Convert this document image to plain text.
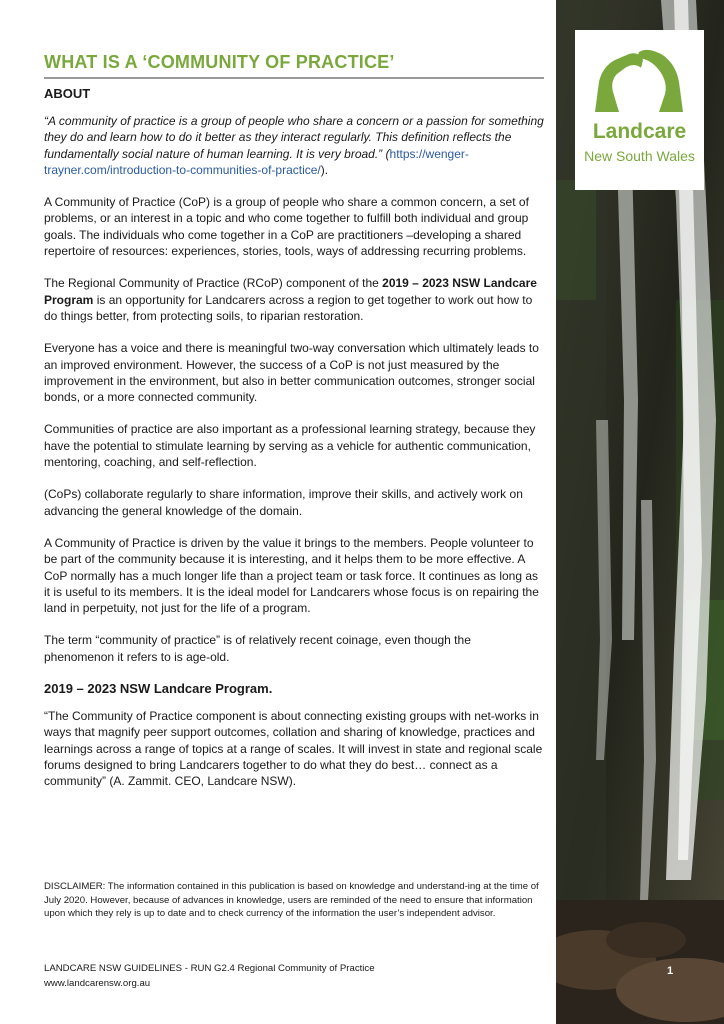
WHAT IS A ‘COMMUNITY OF PRACTICE’
ABOUT

“A community of practice is a group of people who share a concern or a passion for something they do and learn how to do it better as they interact regularly. This definition reflects the fundamentally social nature of human learning. It is very broad.” (https://wenger-trayner.com/introduction-to-communities-of-practice/).

A Community of Practice (CoP) is a group of people who share a common concern, a set of problems, or an interest in a topic and who come together to fulfill both individual and group goals. The individuals who come together in a CoP are practitioners –developing a shared repertoire of resources: experiences, stories, tools, ways of addressing recurring problems.

The Regional Community of Practice (RCoP) component of the 2019 – 2023 NSW Landcare Program is an opportunity for Landcarers across a region to get together to work out how to do things better, from protecting soils, to riparian restoration.

Everyone has a voice and there is meaningful two-way conversation which ultimately leads to an improved environment. However, the success of a CoP is not just measured by the improvement in the environment, but also in better communication outcomes, stronger social bonds, or a more connected community.

Communities of practice are also important as a professional learning strategy, because they have the potential to stimulate learning by serving as a vehicle for authentic communication, mentoring, coaching, and self-reflection.

(CoPs) collaborate regularly to share information, improve their skills, and actively work on advancing the general knowledge of the domain.

A Community of Practice is driven by the value it brings to the members. People volunteer to be part of the community because it is interesting, and it helps them to be more effective. A CoP normally has a much longer life than a project team or task force. It continues as long as it is useful to its members. It is the ideal model for Landcarers whose focus is on repairing the land in perpetuity, not just for the life of a program.

The term “community of practice” is of relatively recent coinage, even though the phenomenon it refers to is age-old.

2019 – 2023 NSW Landcare Program.

“The Community of Practice component is about connecting existing groups with net-works in ways that magnify peer support outcomes, collation and sharing of knowledge, practices and learnings across a range of topics at a range of scales. It will invest in state and regional scale forums designed to bring Landcarers together to do what they do best… connect as a community” (A. Zammit. CEO, Landcare NSW).

DISCLAIMER: The information contained in this publication is based on knowledge and understand-ing at the time of July 2020. However, because of advances in knowledge, users are reminded of the need to ensure that information upon which they rely is up to date and to check currency of the information the user’s independent advisor.
LANDCARE NSW GUIDELINES - RUN G2.4 Regional Community of Practice
www.landcarensw.org.au
Landcare
New South Wales
1
